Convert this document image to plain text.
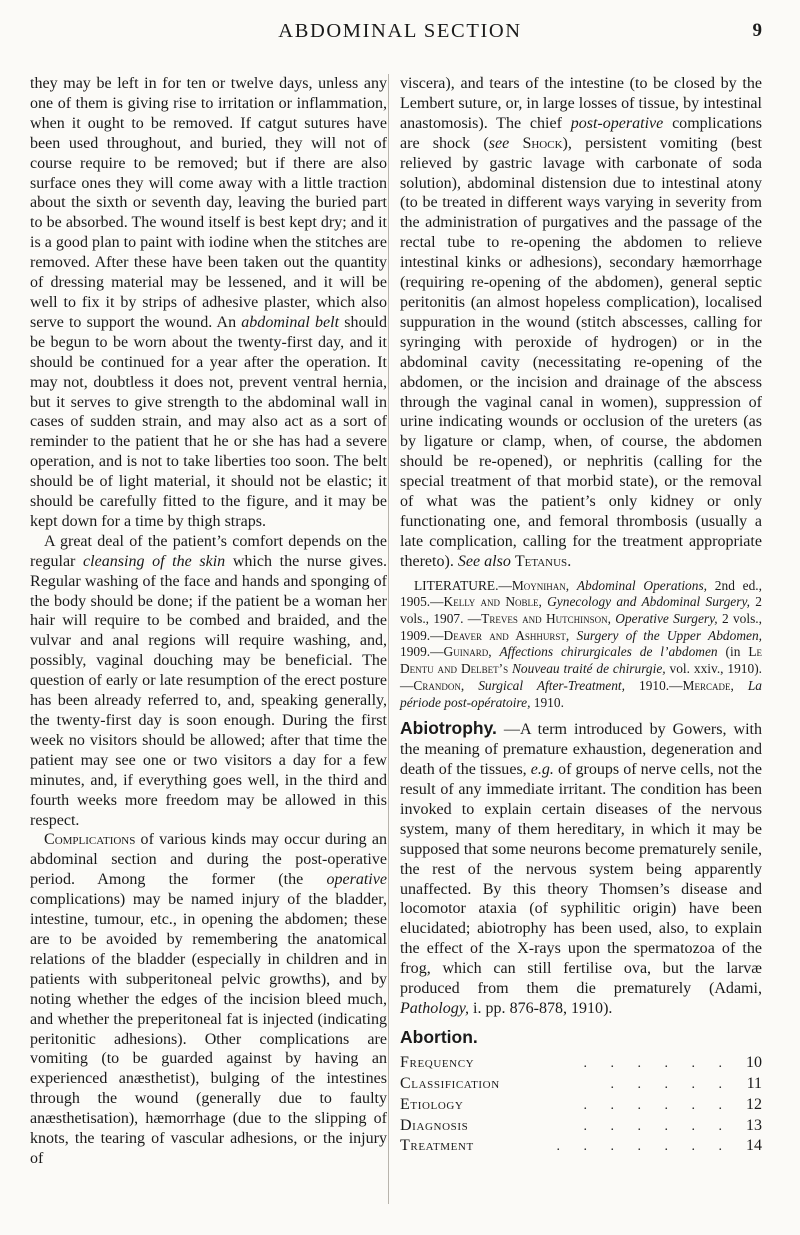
ABDOMINAL SECTION	9

they may be left in for ten or twelve days, unless any one of them is giving rise to irritation or inflammation, when it ought to be removed. If catgut sutures have been used throughout, and buried, they will not of course require to be removed; but if there are also surface ones they will come away with a little traction about the sixth or seventh day, leaving the buried part to be absorbed. The wound itself is best kept dry; and it is a good plan to paint with iodine when the stitches are removed. After these have been taken out the quantity of dressing material may be lessened, and it will be well to fix it by strips of adhesive plaster, which also serve to support the wound. An abdominal belt should be begun to be worn about the twenty-first day, and it should be continued for a year after the operation. It may not, doubtless it does not, prevent ventral hernia, but it serves to give strength to the abdominal wall in cases of sudden strain, and may also act as a sort of reminder to the patient that he or she has had a severe operation, and is not to take liberties too soon. The belt should be of light material, it should not be elastic; it should be carefully fitted to the figure, and it may be kept down for a time by thigh straps.

A great deal of the patient’s comfort depends on the regular cleansing of the skin which the nurse gives. Regular washing of the face and hands and sponging of the body should be done; if the patient be a woman her hair will require to be combed and braided, and the vulvar and anal regions will require washing, and, possibly, vaginal douching may be beneficial. The question of early or late resumption of the erect posture has been already referred to, and, speaking generally, the twenty-first day is soon enough. During the first week no visitors should be allowed; after that time the patient may see one or two visitors a day for a few minutes, and, if everything goes well, in the third and fourth weeks more freedom may be allowed in this respect.

Complications of various kinds may occur during an abdominal section and during the post-operative period. Among the former (the operative complications) may be named injury of the bladder, intestine, tumour, etc., in opening the abdomen; these are to be avoided by remembering the anatomical relations of the bladder (especially in children and in patients with subperitoneal pelvic growths), and by noting whether the edges of the incision bleed much, and whether the preperitoneal fat is injected (indicating peritonitic adhesions). Other complications are vomiting (to be guarded against by having an experienced anæsthetist), bulging of the intestines through the wound (generally due to faulty anæsthetisation), hæmorrhage (due to the slipping of knots, the tearing of vascular adhesions, or the injury of

viscera), and tears of the intestine (to be closed by the Lembert suture, or, in large losses of tissue, by intestinal anastomosis). The chief post-operative complications are shock (see Shock), persistent vomiting (best relieved by gastric lavage with carbonate of soda solution), abdominal distension due to intestinal atony (to be treated in different ways varying in severity from the administration of purgatives and the passage of the rectal tube to re-opening the abdomen to relieve intestinal kinks or adhesions), secondary hæmorrhage (requiring re-opening of the abdomen), general septic peritonitis (an almost hopeless complication), localised suppuration in the wound (stitch abscesses, calling for syringing with peroxide of hydrogen) or in the abdominal cavity (necessitating re-opening of the abdomen, or the incision and drainage of the abscess through the vaginal canal in women), suppression of urine indicating wounds or occlusion of the ureters (as by ligature or clamp, when, of course, the abdomen should be re-opened), or nephritis (calling for the special treatment of that morbid state), or the removal of what was the patient’s only kidney or only functionating one, and femoral thrombosis (usually a late complication, calling for the treatment appropriate thereto). See also Tetanus.

LITERATURE.—Moynihan, Abdominal Operations, 2nd ed., 1905.—Kelly and Noble, Gynecology and Abdominal Surgery, 2 vols., 1907. —Treves and Hutchinson, Operative Surgery, 2 vols., 1909.—Deaver and Ashhurst, Surgery of the Upper Abdomen, 1909.—Guinard, Affections chirurgicales de l’abdomen (in Le Dentu and Delbet’s Nouveau traité de chirurgie, vol. xxiv., 1910). —Crandon, Surgical After-Treatment, 1910.—Mercade, La période post-opératoire, 1910.

Abiotrophy. —A term introduced by Gowers, with the meaning of premature exhaustion, degeneration and death of the tissues, e.g. of groups of nerve cells, not the result of any immediate irritant. The condition has been invoked to explain certain diseases of the nervous system, many of them hereditary, in which it may be supposed that some neurons become prematurely senile, the rest of the nervous system being apparently unaffected. By this theory Thomsen’s disease and locomotor ataxia (of syphilitic origin) have been elucidated; abiotrophy has been used, also, to explain the effect of the X-rays upon the spermatozoa of the frog, which can still fertilise ova, but the larvæ produced from them die prematurely (Adami, Pathology, i. pp. 876-878, 1910).

Abortion.
Frequency	. . . . . . 10
Classification	. . . . . 11
Etiology	. . . . . . 12
Diagnosis	. . . . . . 13
Treatment	. . . . . . . 14
